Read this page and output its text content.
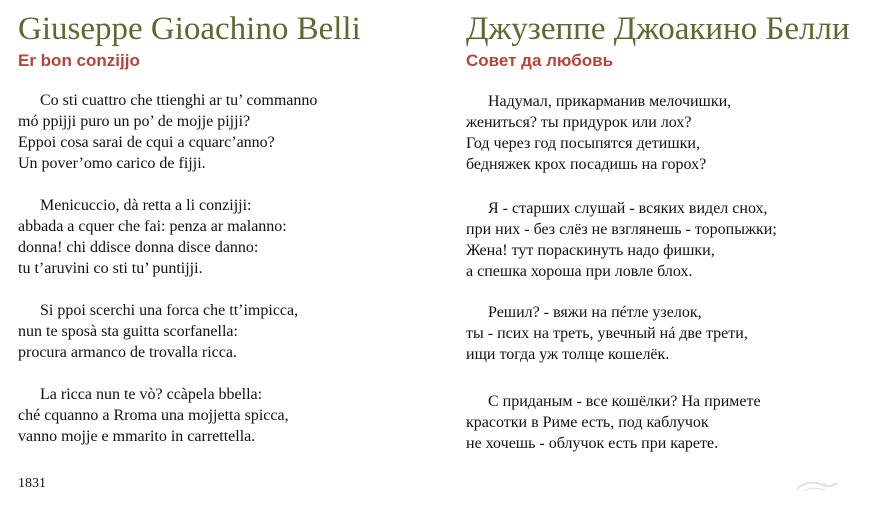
Giuseppe Gioachino Belli
Er bon conzijjo
Co sti cuattro che ttienghi ar tu’ commanno
mó ppijji puro un po’ de mojje pijji?
Eppoi cosa sarai de cqui a cquarc’anno?
Un pover’omo carico de fijji.
Menicuccio, dà retta a li conzijji:
abbada a cquer che fai: penza ar malanno:
donna! chi ddisce donna disce danno:
tu t’aruvini co sti tu’ puntijji.
Si ppoi scerchi una forca che tt’impicca,
nun te sposà sta guitta scorfanella:
procura armanco de trovalla ricca.
La ricca nun te vò? ccàpela bbella:
ché cquanno a Rroma una mojjetta spicca,
vanno mojje e mmarito in carrettella.
1831
Джузеппе Джоакино Белли
Совет да любовь
Надумал, прикарманив мелочишки,
жениться? ты придурок или лох?
Год через год посыпятся детишки,
бедняжек крох посадишь на горох?
Я - старших слушай - всяких видел снох,
при них - без слёз не взглянешь - торопыжки;
Жена! тут пораскинуть надо фишки,
а спешка хороша при ловле блох.
Решил? - вяжи на пéтле узелок,
ты - псих на треть, увечный нá две трети,
ищи тогда уж толще кошелёк.
С приданым - все кошёлки? На примете
красотки в Риме есть, под каблучок
не хочешь - облучок есть при карете.
